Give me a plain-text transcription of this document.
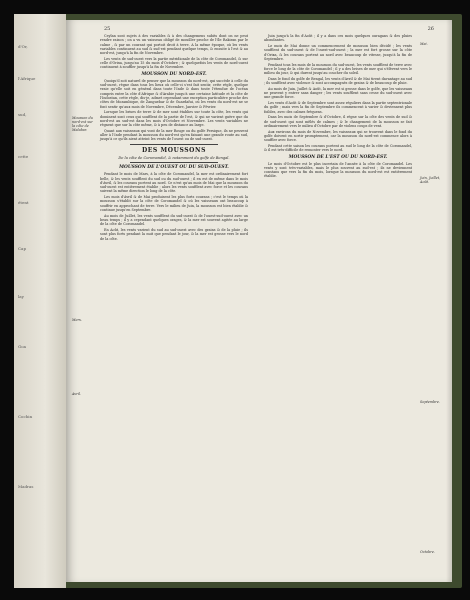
d'Or,
l'Afrique
sud,
cette
étent
Cap
lay
Goa
Cochin
Madras
25	26
Mousson du nord-est sur la côte de Malabar.
Mers.
Avril.
Mai.
Juin, Juillet, Août.
Septembre.
Octobre.

Ceylan sont sujets à des variables & à des changemens subits dont on ne peut rendre raison ; on a vu un vaisseau obligé de mouiller proche de l'île Rakiran par le calme , & par un courant qui portoit droit à terre. A la même époque, où les vents variables continuent au sud & sud-est pendant quelque temps, & ensuite à l'est & au nord-est, jusqu'à la fin de Novembre.

Les vents de sud-ouest vers la partie méridionale de la côte de Coromandel, & sur celle d'Orixa, jusqu'au 15 du mois d'Octobre ; & quelquefois les vents de nord-ouest continuent à souffler jusqu'à la fin de Novembre.

MOUSSON DU NORD-EST.

Quoiqu'il soit naturel de penser que la mousson du nord-est, qui succède à celle du sud-ouest, règne dans tous les lieux où celle-ci s'est fait sentir, cette règle, quelque vraie qu'elle soit en général dans toute l'Inde & dans toute l'étendue de l'océan compris entre la côte d'Afrique & d'Arabie jusqu'à une certaine latitude et la côte de l'Indostan, cette règle, dis-je, admet cependant une exception particulière proche des côtes de Mozambique, de Zanguebar & de Guardafui, où les vents du nord-est ne se font sentir qu'aux mois de Novembre, Décembre, Janvier & Février.

Lorsque les brises de terre & de mer sont établies sur toute la côte, les vents qui dominent sont ceux qui soufflent de la partie de l'est, & qui ne varient guère que du nord-est au sud-est dans les mois d'Octobre et Novembre. Les vents variables ne règnent que sur la côte même, & à peu de distance au large.

Quant aux vaisseaux qui vont de la mer Rouge ou du golfe Persique, ils ne peuvent aller à l'Inde pendant la mousson du nord-est qu'en faisant une grande route au sud, jusqu'à ce qu'ils aient atteint les vents de l'ouest ou de sud-ouest.

DES MOUSSONS
De la côte de Coromandel, & notamment du golfe de Bengal.
MOUSSON DE L'OUEST OU DU SUD-OUEST.

Pendant le mois de Mars, à la côte de Coromandel, la mer est ordinairement fort belle, & les vents soufflent du sud ou du sud-ouest ; il en est de même dans le mois d'Avril, & les courans portent au nord. Ce n'est qu'au mois de Mai que la mousson du sud-ouest est entièrement établie ; alors les vents soufflent avec force et les courans suivent la même direction le long de la côte.

Les mois d'Avril & de Mai produisent les plus forts courans ; c'est le temps où la mousson s'établit sur la côte de Coromandel & où les vaisseaux ont beaucoup à souffrir en approchant de terre. Vers le milieu de Juin, la mousson est bien établie & continue jusqu'en Septembre.

Au mois de Juillet, les vents soufflent du sud-ouest & de l'ouest-sud-ouest avec un beau temps ; il y a cependant quelques orages, & la mer est souvent agitée au large de la côte de Coromandel.

En Août, les vents varient du sud au sud-ouest avec des grains & de la pluie ; ils sont plus forts pendant la nuit que pendant le jour, & la mer est grosse vers le nord de la côte.

Juin jusqu'à la fin d'Août ; il y a dans ces mois quelques ouragans & des pluies abondantes.

Le mois de Mai donne un commencement de mousson bien décidé ; les vents soufflent du sud-ouest & de l'ouest-sud-ouest ; la mer est fort grosse sur la côte d'Orixa, & les courans portent au nord avec beaucoup de vitesse, jusqu'à la fin de Septembre.

Pendant tous les mois de la mousson du sud-ouest, les vents soufflent de terre avec force le long de la côte de Coromandel ; il y a des brises de mer qui s'élèvent vers le milieu du jour, & qui durent jusqu'au coucher du soleil.

Dans le fond du golfe de Bengal, les vents d'Avril & de Mai tirent davantage au sud ; ils soufflent avec violence & sont accompagnés de grains & de beaucoup de pluie.

Au mois de Juin, Juillet & Août, la mer est si grosse dans le golfe, que les vaisseaux ne peuvent y entrer sans danger ; les vents soufflent sans cesse du sud-ouest avec une grande force.

Les vents d'Août & de Septembre sont assez réguliers dans la partie septentrionale du golfe ; mais vers la fin de Septembre ils commencent à varier & deviennent plus foibles, avec des calmes fréquens.

Dans les mois de Septembre & d'Octobre, il règne sur la côte des vents de sud & de sud-ouest qui sont mêlés de calmes ; & le changement de la mousson se fait ordinairement vers le milieu d'Octobre par de violens coups de vent.

Aux environs du mois de Novembre, les vaisseaux qui se trouvent dans le fond du golfe doivent en sortir promptement, car la mousson du nord-est commence alors à souffler avec force.

Pendant cette saison les courans portent au sud le long de la côte de Coromandel, & il est très-difficile de remonter vers le nord.

MOUSSON DE L'EST OU DU NORD-EST.

Le mois d'Octobre est le plus incertain de l'année à la côte de Coromandel. Les vents y sont très-variables, mais le plus souvent au sud-est ; ils ne deviennent constans que vers la fin du mois, lorsque la mousson du nord-est est entièrement établie.
